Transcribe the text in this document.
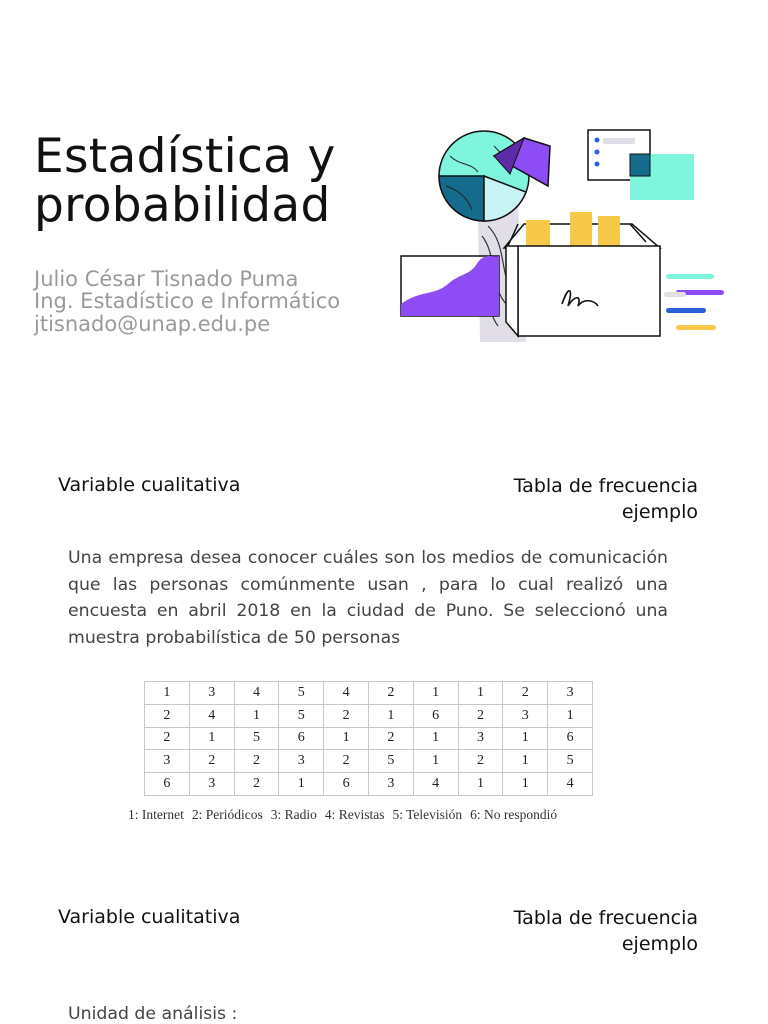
Estadística y
probabilidad
Julio César Tisnado Puma
Ing. Estadístico e Informático
jtisnado@unap.edu.pe
Variable cualitativa	Tabla de frecuencia
ejemplo

Una empresa desea conocer cuáles son los medios de comunicación que las personas comúnmente usan , para lo cual realizó una encuesta en abril 2018 en la ciudad de Puno. Se seleccionó una muestra probabilística de 50 personas

1	3	4	5	4	2	1	1	2	3
2	4	1	5	2	1	6	2	3	1
2	1	5	6	1	2	1	3	1	6
3	2	2	3	2	5	1	2	1	5
6	3	2	1	6	3	4	1	1	4
1: Internet 2: Periódicos 3: Radio 4: Revistas 5: Televisión 6: No respondió
Variable cualitativa	Tabla de frecuencia
ejemplo
Unidad de análisis :
